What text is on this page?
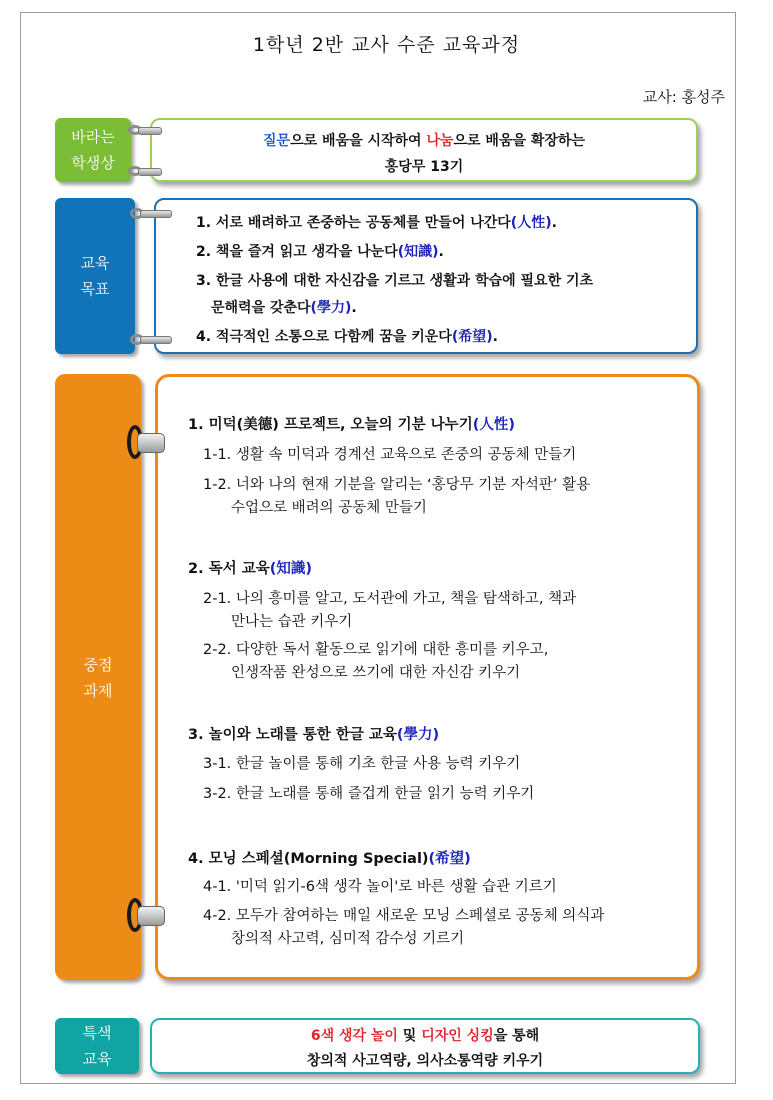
1학년 2반 교사 수준 교육과정
교사: 홍성주
바라는
학생상
질문으로 배움을 시작하여 나눔으로 배움을 확장하는
홍당무 13기
교육
목표
1. 서로 배려하고 존중하는 공동체를 만들어 나간다(人性).
2. 책을 즐겨 읽고 생각을 나눈다(知識).
3. 한글 사용에 대한 자신감을 기르고 생활과 학습에 필요한 기초
문해력을 갖춘다(學力).
4. 적극적인 소통으로 다함께 꿈을 키운다(希望).
중점
과제
1. 미덕(美德) 프로젝트, 오늘의 기분 나누기(人性)
1-1. 생활 속 미덕과 경계선 교육으로 존중의 공동체 만들기
1-2. 너와 나의 현재 기분을 알리는 ‘홍당무 기분 자석판’ 활용
수업으로 배려의 공동체 만들기
2. 독서 교육(知識)
2-1. 나의 흥미를 알고, 도서관에 가고, 책을 탐색하고, 책과
만나는 습관 키우기
2-2. 다양한 독서 활동으로 읽기에 대한 흥미를 키우고,
인생작품 완성으로 쓰기에 대한 자신감 키우기
3. 놀이와 노래를 통한 한글 교육(學力)
3-1. 한글 놀이를 통해 기초 한글 사용 능력 키우기
3-2. 한글 노래를 통해 즐겁게 한글 읽기 능력 키우기
4. 모닝 스페셜(Morning Special)(希望)
4-1. '미덕 읽기-6색 생각 놀이'로 바른 생활 습관 기르기
4-2. 모두가 참여하는 매일 새로운 모닝 스페셜로 공동체 의식과
창의적 사고력, 심미적 감수성 기르기
특색
교육
6색 생각 놀이 및 디자인 싱킹을 통해
창의적 사고역량, 의사소통역량 키우기
